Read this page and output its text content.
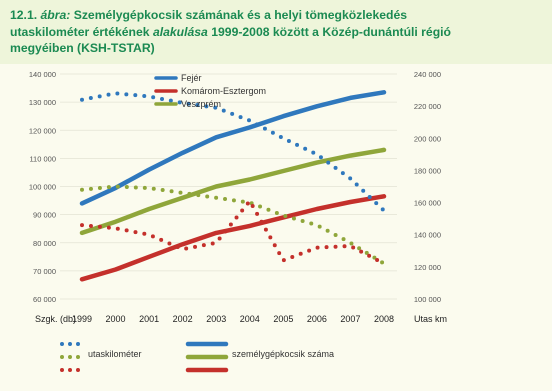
12.1. ábra: Személygépkocsik számának és a helyi tömegközlekedés
utaskilométer értékének alakulása 1999-2008 között a Közép-dunántúli régió
megyéiben (KSH-TSTAR)
60 000
70 000
80 000
90 000
100 000
110 000
120 000
130 000
140 000
100 000
120 000
140 000
160 000
180 000
200 000
220 000
240 000
1999 2000 2001 2002 2003 2004 2005 2006 2007 2008
Fejér
Komárom-Esztergom
Veszprém
Szgk. (db)	Utas km
utaskilométer	személygépkocsik száma
